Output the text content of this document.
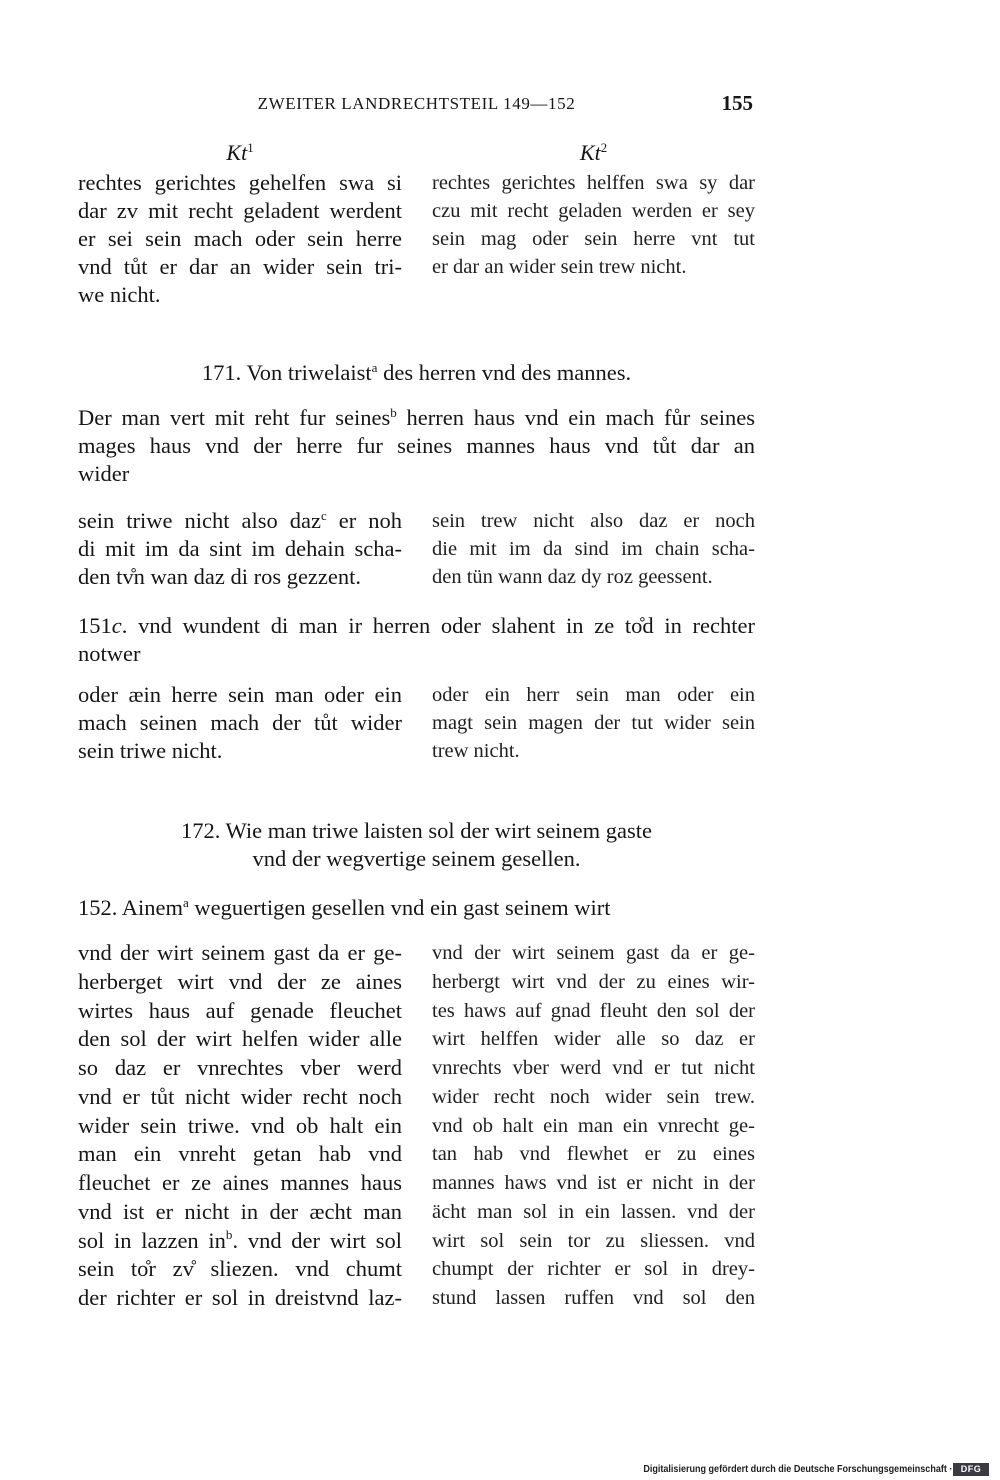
ZWEITER LANDRECHTSTEIL 149—152	155
Kt$^1$	Kt$^2$
rechtes gerichtes gehelfen swa si
dar zv mit recht geladent werdent
er sei sein mach oder sein herre
vnd tůt er dar an wider sein tri-
we nicht.
rechtes gerichtes helffen swa sy dar
czu mit recht geladen werden er sey
sein mag oder sein herre vnt tut
er dar an wider sein trew nicht.
171. Von triwelaist$^a$ des herren vnd des mannes.
Der man vert mit reht fur seines$^b$ herren haus vnd ein mach fůr seines
mages haus vnd der herre fur seines mannes haus vnd tůt dar an
wider
sein triwe nicht also daz$^c$ er noh
di mit im da sint im dehain scha-
den tv̊n wan daz di ros gezzent.
sein trew nicht also daz er noch
die mit im da sind im chain scha-
den tün wann daz dy roz geessent.
151c. vnd wundent di man ir herren oder slahent in ze to̊d in rechter
notwer
oder æin herre sein man oder ein
mach seinen mach der tůt wider
sein triwe nicht.
oder ein herr sein man oder ein
magt sein magen der tut wider sein
trew nicht.
172. Wie man triwe laisten sol der wirt seinem gaste
vnd der wegvertige seinem gesellen.
152. Ainem$^a$ weguertigen gesellen vnd ein gast seinem wirt
vnd der wirt seinem gast da er ge-
herberget wirt vnd der ze aines
wirtes haus auf genade fleuchet
den sol der wirt helfen wider alle
so daz er vnrechtes vber werd
vnd er tůt nicht wider recht noch
wider sein triwe. vnd ob halt ein
man ein vnreht getan hab vnd
fleuchet er ze aines mannes haus
vnd ist er nicht in der æcht man
sol in lazzen $in^b$. vnd der wirt sol
sein to̊r zv̊ sliezen. vnd chumt
der richter er sol in dreistvnd laz-
vnd der wirt seinem gast da er ge-
herbergt wirt vnd der zu eines wir-
tes haws auf gnad fleuht den sol der
wirt helffen wider alle so daz er
vnrechts vber werd vnd er tut nicht
wider recht noch wider sein trew.
vnd ob halt ein man ein vnrecht ge-
tan hab vnd flewhet er zu eines
mannes haws vnd ist er nicht in der
ächt man sol in ein lassen. vnd der
wirt sol sein tor zu sliessen. vnd
chumpt der richter er sol in drey-
stund lassen ruffen vnd sol den
Digitalisierung gefördert durch die Deutsche Forschungsgemeinschaft · DFG
